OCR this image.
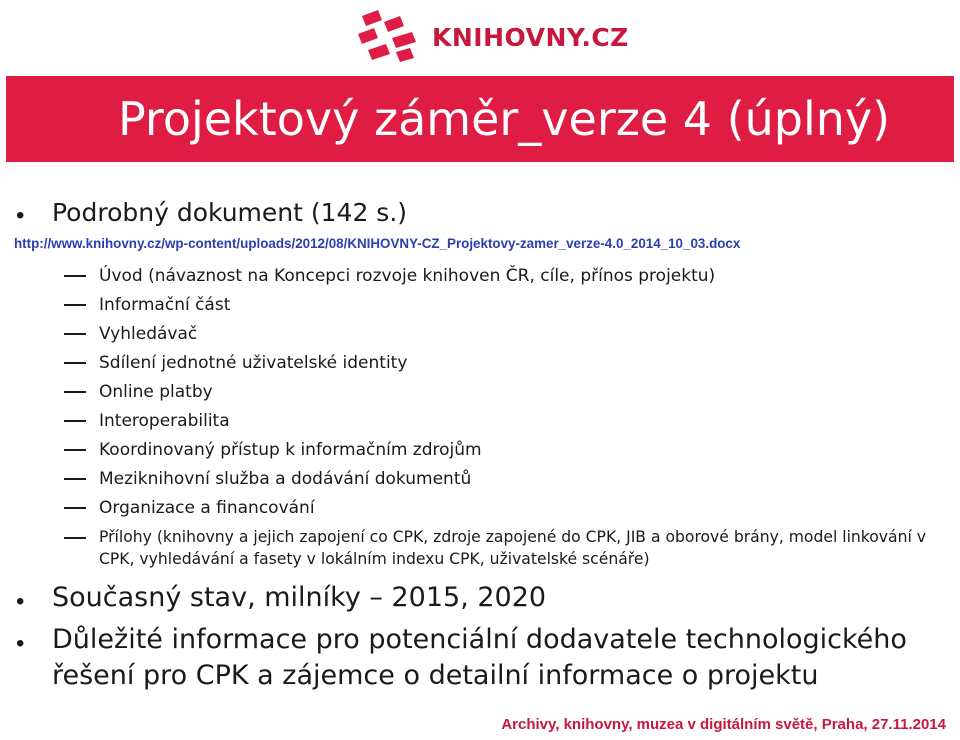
KNIHOVNY.CZ
Projektový záměr_verze 4 (úplný)
• Podrobný dokument (142 s.)
http://www.knihovny.cz/wp-content/uploads/2012/08/KNIHOVNY-CZ_Projektovy-zamer_verze-4.0_2014_10_03.docx
Úvod (návaznost na Koncepci rozvoje knihoven ČR, cíle, přínos projektu)
Informační část
Vyhledávač
Sdílení jednotné uživatelské identity
Online platby
Interoperabilita
Koordinovaný přístup k informačním zdrojům
Meziknihovní služba a dodávání dokumentů
Organizace a financování
Přílohy (knihovny a jejich zapojení co CPK, zdroje zapojené do CPK, JIB a oborové brány, model linkování v CPK, vyhledávání a fasety v lokálním indexu CPK, uživatelské scénáře)
• Současný stav, milníky – 2015, 2020
• Důležité informace pro potenciální dodavatele technologického řešení pro CPK a zájemce o detailní informace o projektu
Archivy, knihovny, muzea v digitálním světě, Praha, 27.11.2014
